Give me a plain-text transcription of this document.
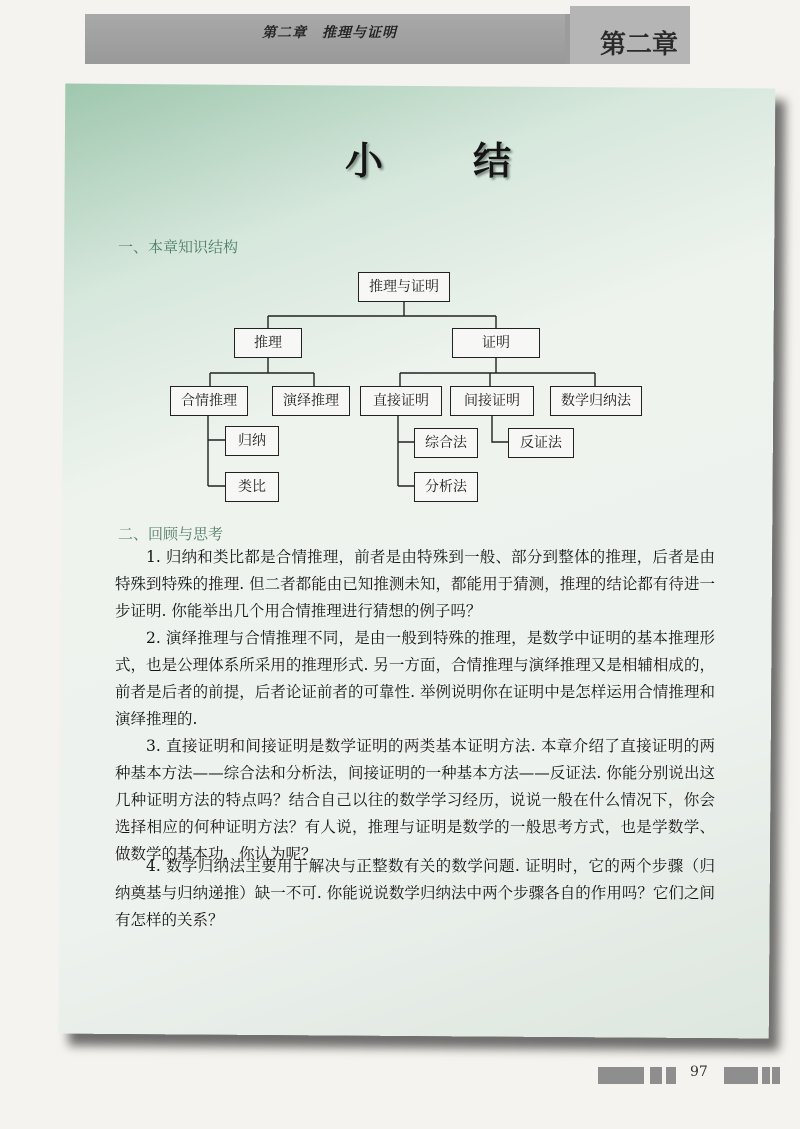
第二章　推理与证明	第二章
小　结
一、本章知识结构
推理与证明
推理	证明
合情推理	演绎推理	直接证明	间接证明	数学归纳法
归纳
类比
综合法
分析法
反证法
二、回顾与思考
1. 归纳和类比都是合情推理，前者是由特殊到一般、部分到整体的推理，后者是由特殊到特殊的推理. 但二者都能由已知推测未知，都能用于猜测，推理的结论都有待进一步证明. 你能举出几个用合情推理进行猜想的例子吗？
2. 演绎推理与合情推理不同，是由一般到特殊的推理，是数学中证明的基本推理形式，也是公理体系所采用的推理形式. 另一方面，合情推理与演绎推理又是相辅相成的，前者是后者的前提，后者论证前者的可靠性. 举例说明你在证明中是怎样运用合情推理和演绎推理的.
3. 直接证明和间接证明是数学证明的两类基本证明方法. 本章介绍了直接证明的两种基本方法——综合法和分析法，间接证明的一种基本方法——反证法. 你能分别说出这几种证明方法的特点吗？结合自己以往的数学学习经历，说说一般在什么情况下，你会选择相应的何种证明方法？有人说，推理与证明是数学的一般思考方式，也是学数学、做数学的基本功，你认为呢？
4. 数学归纳法主要用于解决与正整数有关的数学问题. 证明时，它的两个步骤（归纳奠基与归纳递推）缺一不可. 你能说说数学归纳法中两个步骤各自的作用吗？它们之间有怎样的关系？
97
